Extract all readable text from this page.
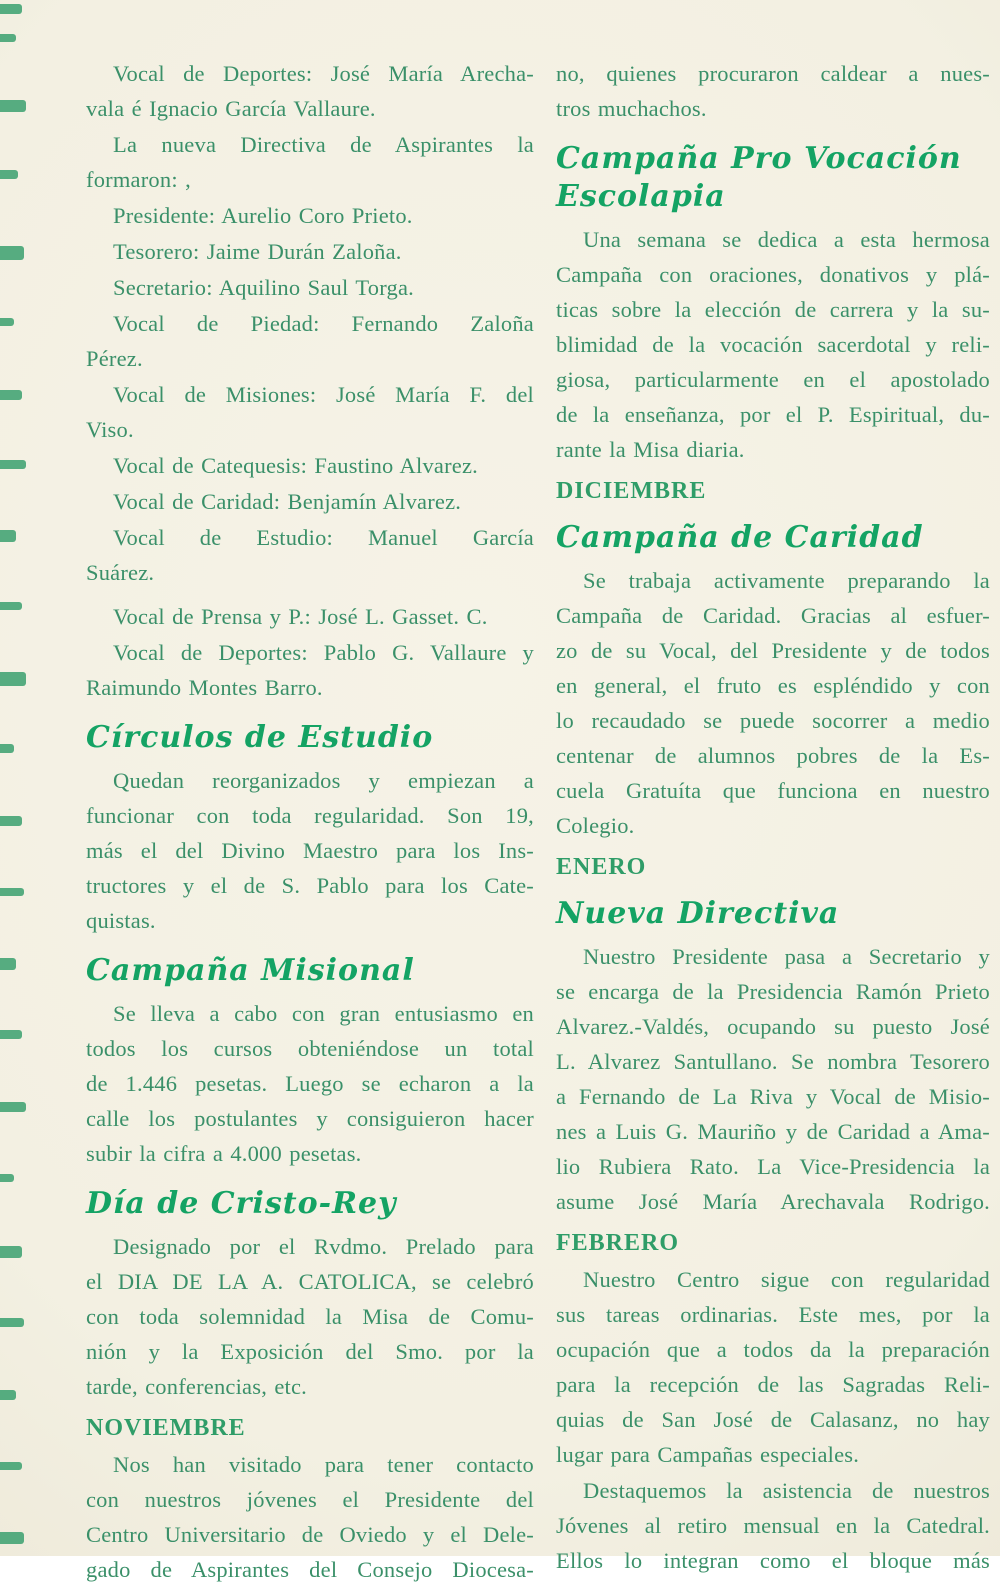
Vocal de Deportes: José María Arecha-
vala é Ignacio García Vallaure.
La nueva Directiva de Aspirantes la
formaron: ,
Presidente: Aurelio Coro Prieto.
Tesorero: Jaime Durán Zaloña.
Secretario: Aquilino Saul Torga.
Vocal de Piedad: Fernando Zaloña
Pérez.
Vocal de Misiones: José María F. del
Viso.
Vocal de Catequesis: Faustino Alvarez.
Vocal de Caridad: Benjamín Alvarez.
Vocal de Estudio: Manuel García
Suárez.
Vocal de Prensa y P.: José L. Gasset. C.
Vocal de Deportes: Pablo G. Vallaure y
Raimundo Montes Barro.
Círculos de Estudio
Quedan reorganizados y empiezan a
funcionar con toda regularidad. Son 19,
más el del Divino Maestro para los Ins-
tructores y el de S. Pablo para los Cate-
quistas.
Campaña Misional
Se lleva a cabo con gran entusiasmo en
todos los cursos obteniéndose un total
de 1.446 pesetas. Luego se echaron a la
calle los postulantes y consiguieron hacer
subir la cifra a 4.000 pesetas.
Día de Cristo-Rey
Designado por el Rvdmo. Prelado para
el DIA DE LA A. CATOLICA, se celebró
con toda solemnidad la Misa de Comu-
nión y la Exposición del Smo. por la
tarde, conferencias, etc.
NOVIEMBRE
Nos han visitado para tener contacto
con nuestros jóvenes el Presidente del
Centro Universitario de Oviedo y el Dele-
gado de Aspirantes del Consejo Diocesa-
no, quienes procuraron caldear a nues-
tros muchachos.
Campaña Pro Vocación
Escolapia
Una semana se dedica a esta hermosa
Campaña con oraciones, donativos y plá-
ticas sobre la elección de carrera y la su-
blimidad de la vocación sacerdotal y reli-
giosa, particularmente en el apostolado
de la enseñanza, por el P. Espiritual, du-
rante la Misa diaria.
DICIEMBRE
Campaña de Caridad
Se trabaja activamente preparando la
Campaña de Caridad. Gracias al esfuer-
zo de su Vocal, del Presidente y de todos
en general, el fruto es espléndido y con
lo recaudado se puede socorrer a medio
centenar de alumnos pobres de la Es-
cuela Gratuíta que funciona en nuestro
Colegio.
ENERO
Nueva Directiva
Nuestro Presidente pasa a Secretario y
se encarga de la Presidencia Ramón Prieto
Alvarez.-Valdés, ocupando su puesto José
L. Alvarez Santullano. Se nombra Tesorero
a Fernando de La Riva y Vocal de Misio-
nes a Luis G. Mauriño y de Caridad a Ama-
lio Rubiera Rato. La Vice-Presidencia la
asume José María Arechavala Rodrigo.
FEBRERO
Nuestro Centro sigue con regularidad
sus tareas ordinarias. Este mes, por la
ocupación que a todos da la preparación
para la recepción de las Sagradas Reli-
quias de San José de Calasanz, no hay
lugar para Campañas especiales.
Destaquemos la asistencia de nuestros
Jóvenes al retiro mensual en la Catedral.
Ellos lo integran como el bloque más
